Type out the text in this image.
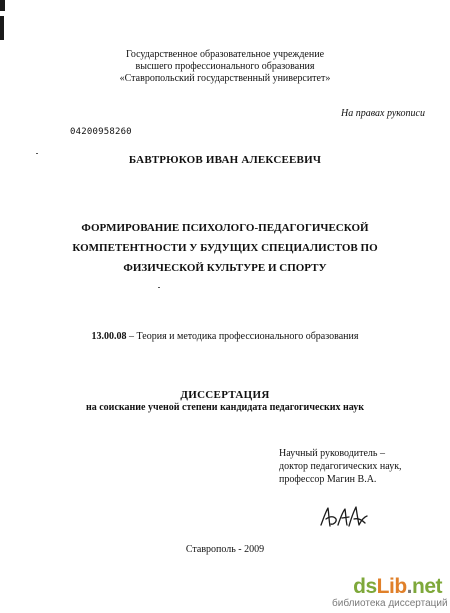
Государственное образовательное учреждение
высшего профессионального образования
«Ставропольский государственный университет»
На правах рукописи
04200958260
БАВТРЮКОВ ИВАН АЛЕКСЕЕВИЧ
ФОРМИРОВАНИЕ ПСИХОЛОГО-ПЕДАГОГИЧЕСКОЙ
КОМПЕТЕНТНОСТИ У БУДУЩИХ СПЕЦИАЛИСТОВ ПО
ФИЗИЧЕСКОЙ КУЛЬТУРЕ И СПОРТУ
13.00.08 – Теория и методика профессионального образования
ДИССЕРТАЦИЯ
на соискание ученой степени кандидата педагогических наук
Научный руководитель –
доктор педагогических наук,
профессор Магин В.А.
Ставрополь - 2009
dsLib.net
библиотека диссертаций
